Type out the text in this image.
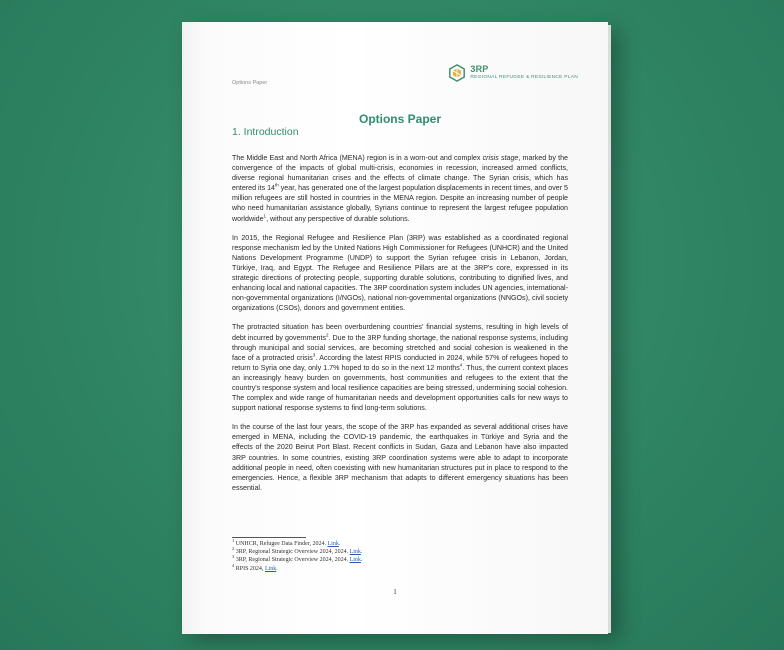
Options Paper
3RP
REGIONAL REFUGEE & RESILIENCE PLAN
Options Paper
1. Introduction

The Middle East and North Africa (MENA) region is in a worn-out and complex crisis stage, marked by the convergence of the impacts of global multi-crisis, economies in recession, increased armed conflicts, diverse regional humanitarian crises and the effects of climate change. The Syrian crisis, which has entered its 14th year, has generated one of the largest population displacements in recent times, and over 5 million refugees are still hosted in countries in the MENA region. Despite an increasing number of people who need humanitarian assistance globally, Syrians continue to represent the largest refugee population worldwide$^1$, without any perspective of durable solutions.

In 2015, the Regional Refugee and Resilience Plan (3RP) was established as a coordinated regional response mechanism led by the United Nations High Commissioner for Refugees (UNHCR) and the United Nations Development Programme (UNDP) to support the Syrian refugee crisis in Lebanon, Jordan, Türkiye, Iraq, and Egypt. The Refugee and Resilience Pillars are at the 3RP's core, expressed in its strategic directions of protecting people, supporting durable solutions, contributing to dignified lives, and enhancing local and national capacities. The 3RP coordination system includes UN agencies, international- non-governmental organizations (I/NGOs), national non-governmental organizations (NNGOs), civil society organizations (CSOs), donors and government entities.

The protracted situation has been overburdening countries' financial systems, resulting in high levels of debt incurred by governments$^2$. Due to the 3RP funding shortage, the national response systems, including through municipal and social services, are becoming stretched and social cohesion is weakened in the face of a protracted crisis$^3$. According the latest RPIS conducted in 2024, while 57% of refugees hoped to return to Syria one day, only 1.7% hoped to do so in the next 12 months$^4$. Thus, the current context places an increasingly heavy burden on governments, host communities and refugees to the extent that the country's response system and local resilience capacities are being stressed, undermining social cohesion. The complex and wide range of humanitarian needs and development opportunities calls for new ways to support national response systems to find long-term solutions.

In the course of the last four years, the scope of the 3RP has expanded as several additional crises have emerged in MENA, including the COVID-19 pandemic, the earthquakes in Türkiye and Syria and the effects of the 2020 Beirut Port Blast. Recent conflicts in Sudan, Gaza and Lebanon have also impacted 3RP countries. In some countries, existing 3RP coordination systems were able to adapt to incorporate additional people in need, often coexisting with new humanitarian structures put in place to respond to the emergencies. Hence, a flexible 3RP mechanism that adapts to different emergency situations has been essential.

$^1$ UNHCR, Refugee Data Finder, 2024. Link.
$^2$ 3RP, Regional Strategic Overview 2024, 2024. Link.
$^3$ 3RP, Regional Strategic Overview 2024, 2024. Link.
$^4$ RPIS 2024, Link.
1
